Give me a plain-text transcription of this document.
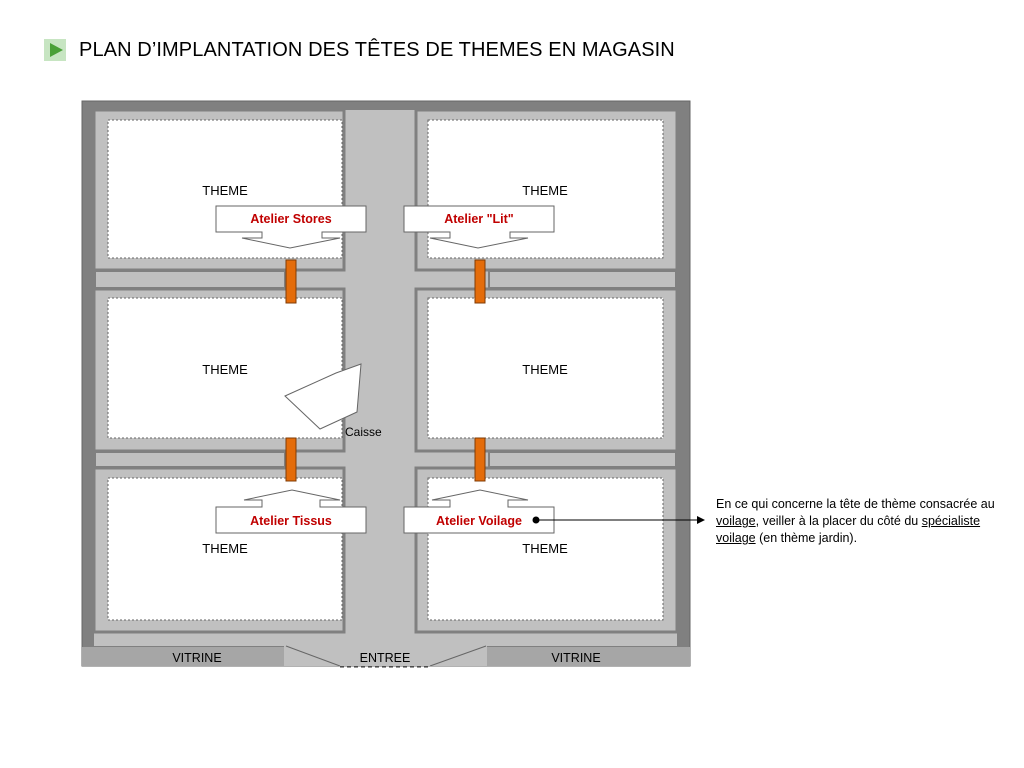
PLAN D’IMPLANTATION DES TÊTES DE THEMES EN MAGASIN
THEME	THEME
THEME	THEME
THEME	THEME
Atelier Stores	Atelier "Lit"
Atelier Tissus	Atelier Voilage
Caisse
VITRINE	ENTREE	VITRINE
En ce qui concerne la tête de thème consacrée au voilage, veiller à la placer du côté du spécialiste voilage (en thème jardin).
